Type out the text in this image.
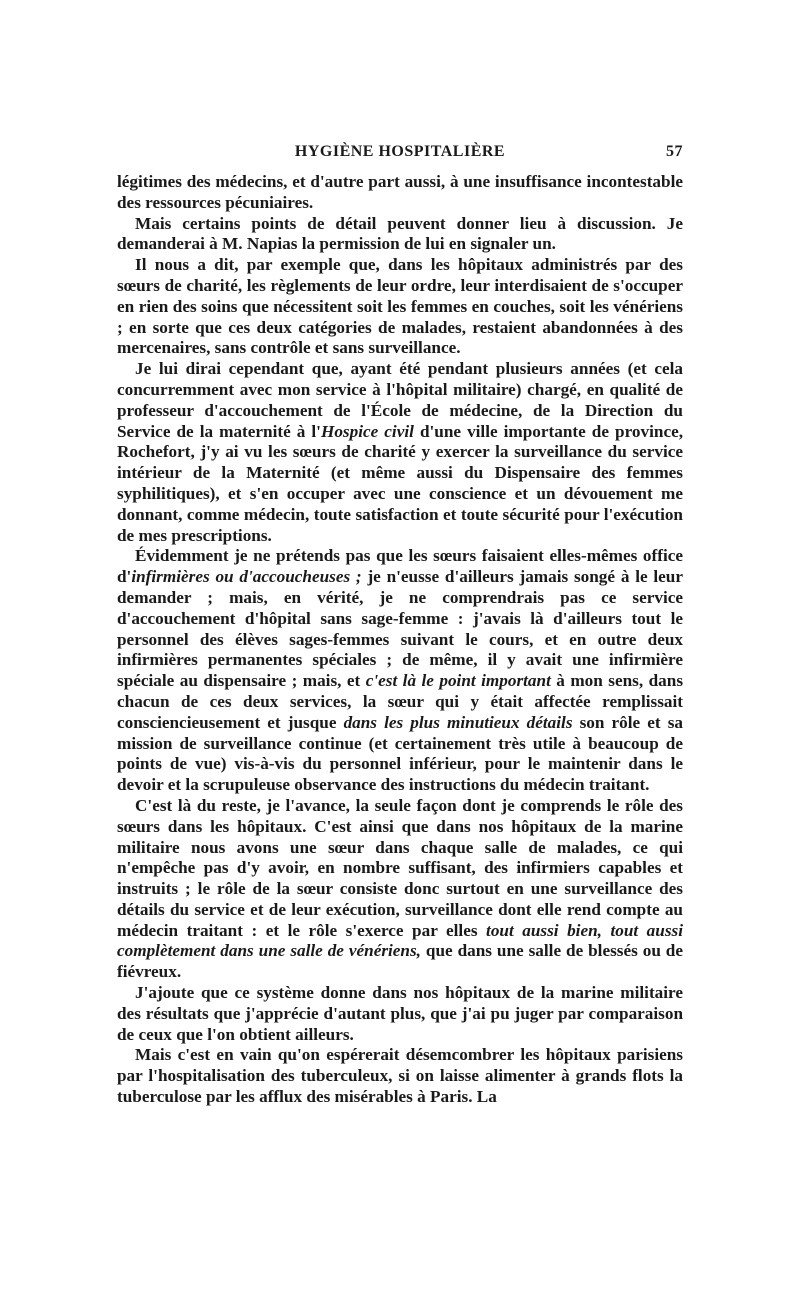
HYGIÈNE HOSPITALIÈRE	57

légitimes des médecins, et d'autre part aussi, à une insuffisance incontestable des ressources pécuniaires.

Mais certains points de détail peuvent donner lieu à discussion. Je demanderai à M. Napias la permission de lui en signaler un.

Il nous a dit, par exemple que, dans les hôpitaux administrés par des sœurs de charité, les règlements de leur ordre, leur interdisaient de s'occuper en rien des soins que nécessitent soit les femmes en couches, soit les vénériens ; en sorte que ces deux catégories de malades, restaient abandonnées à des mercenaires, sans contrôle et sans surveillance.

Je lui dirai cependant que, ayant été pendant plusieurs années (et cela concurremment avec mon service à l'hôpital militaire) chargé, en qualité de professeur d'accouchement de l'École de médecine, de la Direction du Service de la maternité à l'Hospice civil d'une ville importante de province, Rochefort, j'y ai vu les sœurs de charité y exercer la surveillance du service intérieur de la Maternité (et même aussi du Dispensaire des femmes syphilitiques), et s'en occuper avec une conscience et un dévouement me donnant, comme médecin, toute satisfaction et toute sécurité pour l'exécution de mes prescriptions.

Évidemment je ne prétends pas que les sœurs faisaient elles-mêmes office d'infirmières ou d'accoucheuses ; je n'eusse d'ailleurs jamais songé à le leur demander ; mais, en vérité, je ne comprendrais pas ce service d'accouchement d'hôpital sans sage-femme : j'avais là d'ailleurs tout le personnel des élèves sages-femmes suivant le cours, et en outre deux infirmières permanentes spéciales ; de même, il y avait une infirmière spéciale au dispensaire ; mais, et c'est là le point important à mon sens, dans chacun de ces deux services, la sœur qui y était affectée remplissait consciencieusement et jusque dans les plus minutieux détails son rôle et sa mission de surveillance continue (et certainement très utile à beaucoup de points de vue) vis-à-vis du personnel inférieur, pour le maintenir dans le devoir et la scrupuleuse observance des instructions du médecin traitant.

C'est là du reste, je l'avance, la seule façon dont je comprends le rôle des sœurs dans les hôpitaux. C'est ainsi que dans nos hôpitaux de la marine militaire nous avons une sœur dans chaque salle de malades, ce qui n'empêche pas d'y avoir, en nombre suffisant, des infirmiers capables et instruits ; le rôle de la sœur consiste donc surtout en une surveillance des détails du service et de leur exécution, surveillance dont elle rend compte au médecin traitant : et le rôle s'exerce par elles tout aussi bien, tout aussi complètement dans une salle de vénériens, que dans une salle de blessés ou de fiévreux.

J'ajoute que ce système donne dans nos hôpitaux de la marine militaire des résultats que j'apprécie d'autant plus, que j'ai pu juger par comparaison de ceux que l'on obtient ailleurs.

Mais c'est en vain qu'on espérerait désemcombrer les hôpitaux parisiens par l'hospitalisation des tuberculeux, si on laisse alimenter à grands flots la tuberculose par les afflux des misérables à Paris. La
